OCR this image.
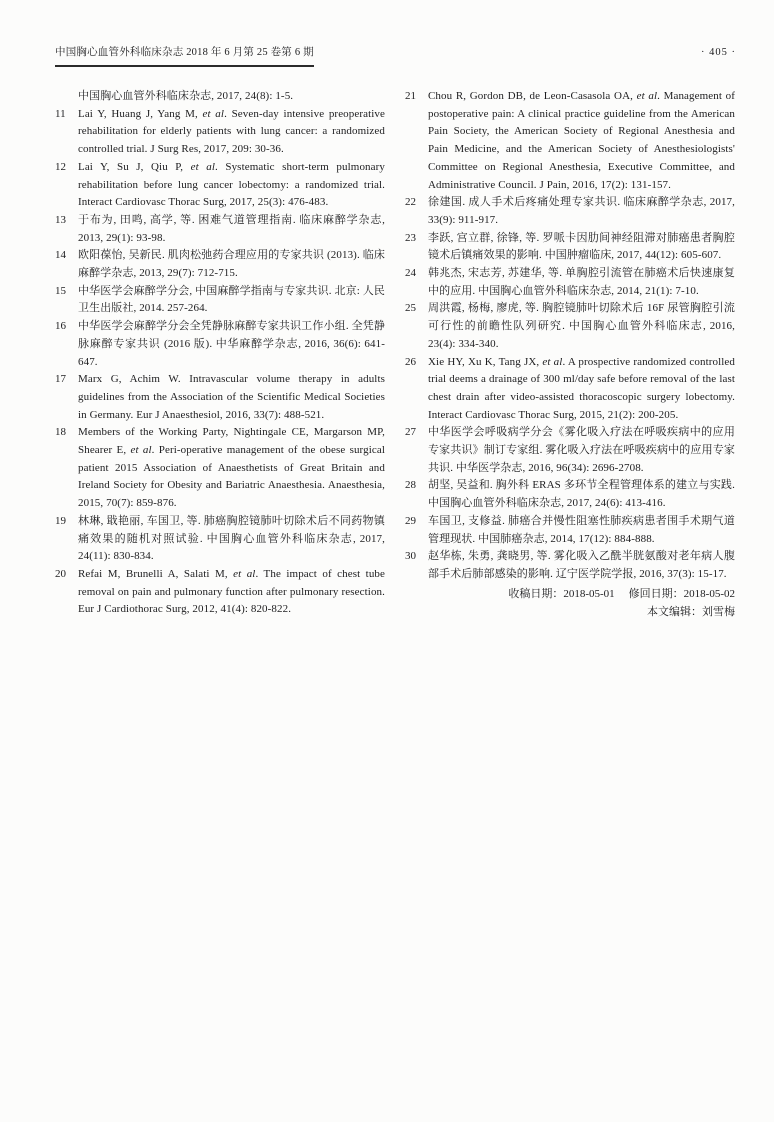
中国胸心血管外科临床杂志 2018 年 6 月第 25 卷第 6 期	· 405 ·
中国胸心血管外科临床杂志, 2017, 24(8): 1-5.
11	Lai Y, Huang J, Yang M, et al. Seven-day intensive preoperative rehabilitation for elderly patients with lung cancer: a randomized controlled trial. J Surg Res, 2017, 209: 30-36.
12	Lai Y, Su J, Qiu P, et al. Systematic short-term pulmonary rehabilitation before lung cancer lobectomy: a randomized trial. Interact Cardiovasc Thorac Surg, 2017, 25(3): 476-483.
13	于布为, 田鸣, 高学, 等. 困难气道管理指南. 临床麻醉学杂志, 2013, 29(1): 93-98.
14	欧阳葆怡, 吴新民. 肌肉松弛药合理应用的专家共识 (2013). 临床麻醉学杂志, 2013, 29(7): 712-715.
15	中华医学会麻醉学分会, 中国麻醉学指南与专家共识. 北京: 人民卫生出版社, 2014. 257-264.
16	中华医学会麻醉学分会全凭静脉麻醉专家共识工作小组. 全凭静脉麻醉专家共识 (2016 版). 中华麻醉学杂志, 2016, 36(6): 641-647.
17	Marx G, Achim W. Intravascular volume therapy in adults guidelines from the Association of the Scientific Medical Societies in Germany. Eur J Anaesthesiol, 2016, 33(7): 488-521.
18	Members of the Working Party, Nightingale CE, Margarson MP, Shearer E, et al. Peri-operative management of the obese surgical patient 2015 Association of Anaesthetists of Great Britain and Ireland Society for Obesity and Bariatric Anaesthesia. Anaesthesia, 2015, 70(7): 859-876.
19	林琳, 戢艳丽, 车国卫, 等. 肺癌胸腔镜肺叶切除术后不同药物镇痛效果的随机对照试验. 中国胸心血管外科临床杂志, 2017, 24(11): 830-834.
20	Refai M, Brunelli A, Salati M, et al. The impact of chest tube removal on pain and pulmonary function after pulmonary resection. Eur J Cardiothorac Surg, 2012, 41(4): 820-822.
21	Chou R, Gordon DB, de Leon-Casasola OA, et al. Management of postoperative pain: A clinical practice guideline from the American Pain Society, the American Society of Regional Anesthesia and Pain Medicine, and the American Society of Anesthesiologists' Committee on Regional Anesthesia, Executive Committee, and Administrative Council. J Pain, 2016, 17(2): 131-157.
22	徐建国. 成人手术后疼痛处理专家共识. 临床麻醉学杂志, 2017, 33(9): 911-917.
23	李跃, 宫立群, 徐锋, 等. 罗哌卡因肋间神经阻滞对肺癌患者胸腔镜术后镇痛效果的影响. 中国肿瘤临床, 2017, 44(12): 605-607.
24	韩兆杰, 宋志芳, 苏建华, 等. 单胸腔引流管在肺癌术后快速康复中的应用. 中国胸心血管外科临床杂志, 2014, 21(1): 7-10.
25	周洪霞, 杨梅, 廖虎, 等. 胸腔镜肺叶切除术后 16F 尿管胸腔引流可行性的前瞻性队列研究. 中国胸心血管外科临床志, 2016, 23(4): 334-340.
26	Xie HY, Xu K, Tang JX, et al. A prospective randomized controlled trial deems a drainage of 300 ml/day safe before removal of the last chest drain after video-assisted thoracoscopic surgery lobectomy. Interact Cardiovasc Thorac Surg, 2015, 21(2): 200-205.
27	中华医学会呼吸病学分会《雾化吸入疗法在呼吸疾病中的应用专家共识》制订专家组. 雾化吸入疗法在呼吸疾病中的应用专家共识. 中华医学杂志, 2016, 96(34): 2696-2708.
28	胡坚, 吴益和. 胸外科 ERAS 多环节全程管理体系的建立与实践. 中国胸心血管外科临床杂志, 2017, 24(6): 413-416.
29	车国卫, 支修益. 肺癌合并慢性阻塞性肺疾病患者围手术期气道管理现状. 中国肺癌杂志, 2014, 17(12): 884-888.
30	赵华栋, 朱勇, 龚晓男, 等. 雾化吸入乙酰半胱氨酸对老年病人腹部手术后肺部感染的影响. 辽宁医学院学报, 2016, 37(3): 15-17.
收稿日期：2018-05-01 修回日期：2018-05-02
本文编辑：刘雪梅
